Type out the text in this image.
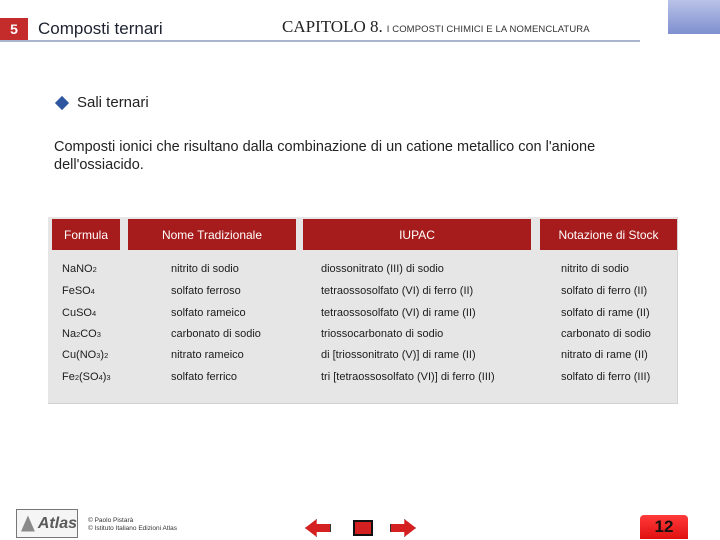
5	Composti ternari	CAPITOLO 8. I COMPOSTI CHIMICI E LA NOMENCLATURA
Sali ternari
Composti ionici che risultano dalla combinazione di un catione metallico con l'anione dell'ossiacido.
Formula	Nome Tradizionale	IUPAC	Notazione di Stock
Na NO 2	nitrito di sodio	diossonitrato (III) di sodio	nitrito di sodio
Fe SO 4	solfato ferroso	tetraossosolfato (VI) di ferro (II)	solfato di ferro (II)
Cu SO 4	solfato rameico	tetraossosolfato (VI) di rame (II)	solfato di rame (II)
Na 2 CO 3	carbonato di sodio	triossocarbonato di sodio	carbonato di sodio
Cu(NO 3 ) 2	nitrato rameico	di [triossonitrato (V)] di rame (II)	nitrato di rame (II)
Fe 2 (SO 4 ) 3	solfato ferrico	tri [tetraossosolfato (VI)] di ferro (III)	solfato di ferro (III)
Atlas © Paolo Pistarà
© Istituto Italiano Edizioni Atlas	12
